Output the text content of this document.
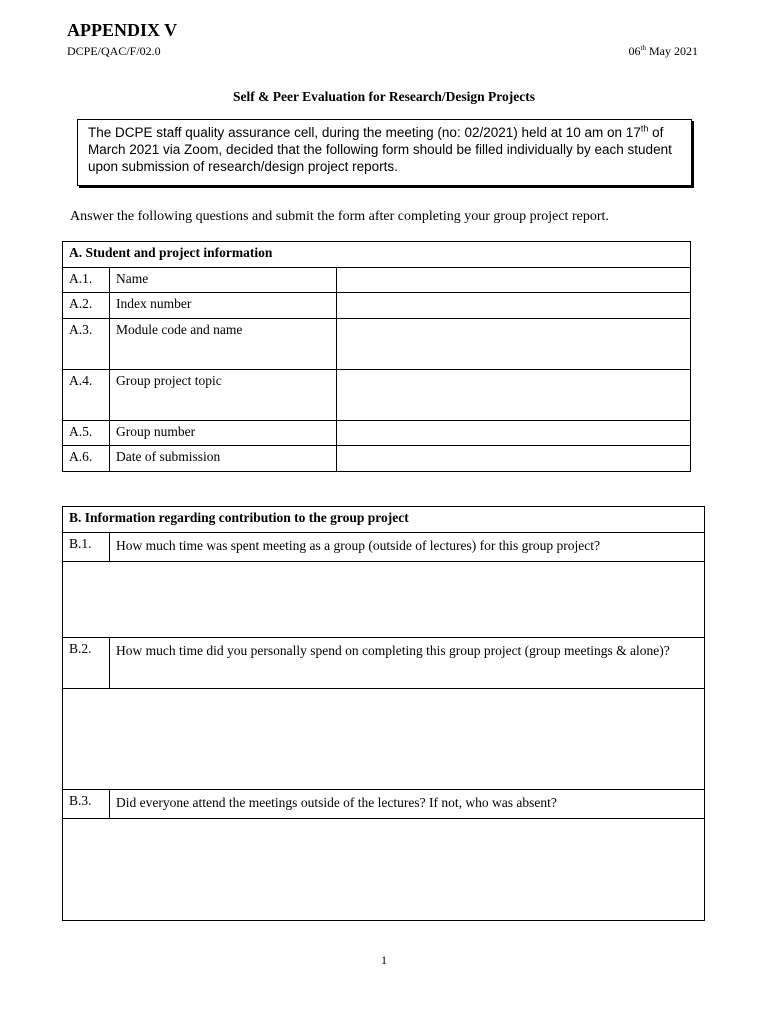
APPENDIX V
DCPE/QAC/F/02.0	06th May 2021
Self & Peer Evaluation for Research/Design Projects
The DCPE staff quality assurance cell, during the meeting (no: 02/2021) held at 10 am on 17th of March 2021 via Zoom, decided that the following form should be filled individually by each student upon submission of research/design project reports.
Answer the following questions and submit the form after completing your group project report.
A. Student and project information		
A.1.	Name	
A.2.	Index number	
A.3.	Module code and name	
A.4.	Group project topic	
A.5.	Group number	
A.6.	Date of submission	
B. Information regarding contribution to the group project	
B.1.	How much time was spent meeting as a group (outside of lectures) for this group project?

B.2.	How much time did you personally spend on completing this group project (group meetings & alone)?

B.3.	Did everyone attend the meetings outside of the lectures? If not, who was absent?

1
